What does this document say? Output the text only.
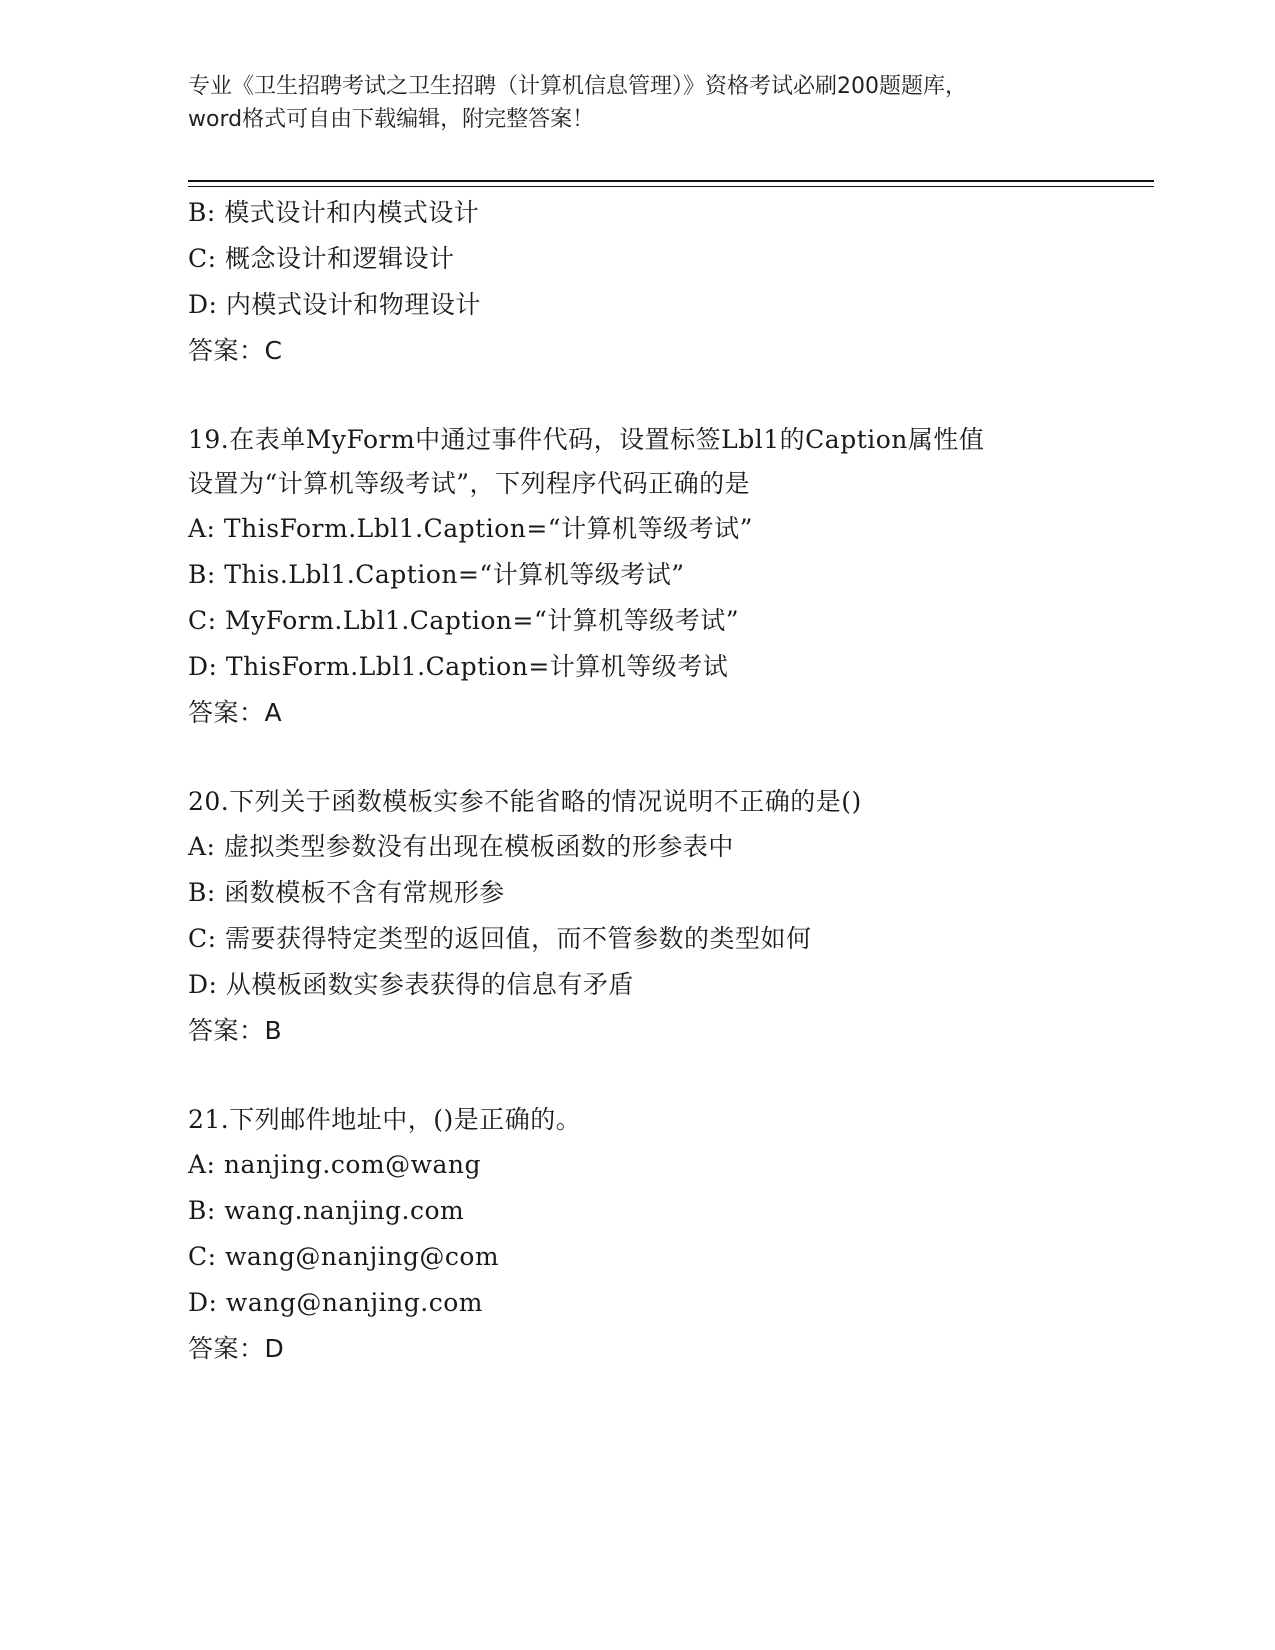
专业《卫生招聘考试之卫生招聘（计算机信息管理）》资格考试必刷200题题库，
word格式可自由下载编辑，附完整答案！
B: 模式设计和内模式设计
C: 概念设计和逻辑设计
D: 内模式设计和物理设计
答案：C
19.在表单MyForm中通过事件代码，设置标签Lbl1的Caption属性值
设置为“计算机等级考试”，下列程序代码正确的是
A: ThisForm.Lbl1.Caption=“计算机等级考试”
B: This.Lbl1.Caption=“计算机等级考试”
C: MyForm.Lbl1.Caption=“计算机等级考试”
D: ThisForm.Lbl1.Caption=计算机等级考试
答案：A
20.下列关于函数模板实参不能省略的情况说明不正确的是()
A: 虚拟类型参数没有出现在模板函数的形参表中
B: 函数模板不含有常规形参
C: 需要获得特定类型的返回值，而不管参数的类型如何
D: 从模板函数实参表获得的信息有矛盾
答案：B
21.下列邮件地址中，()是正确的。
A: nanjing.com@wang
B: wang.nanjing.com
C: wang@nanjing@com
D: wang@nanjing.com
答案：D
